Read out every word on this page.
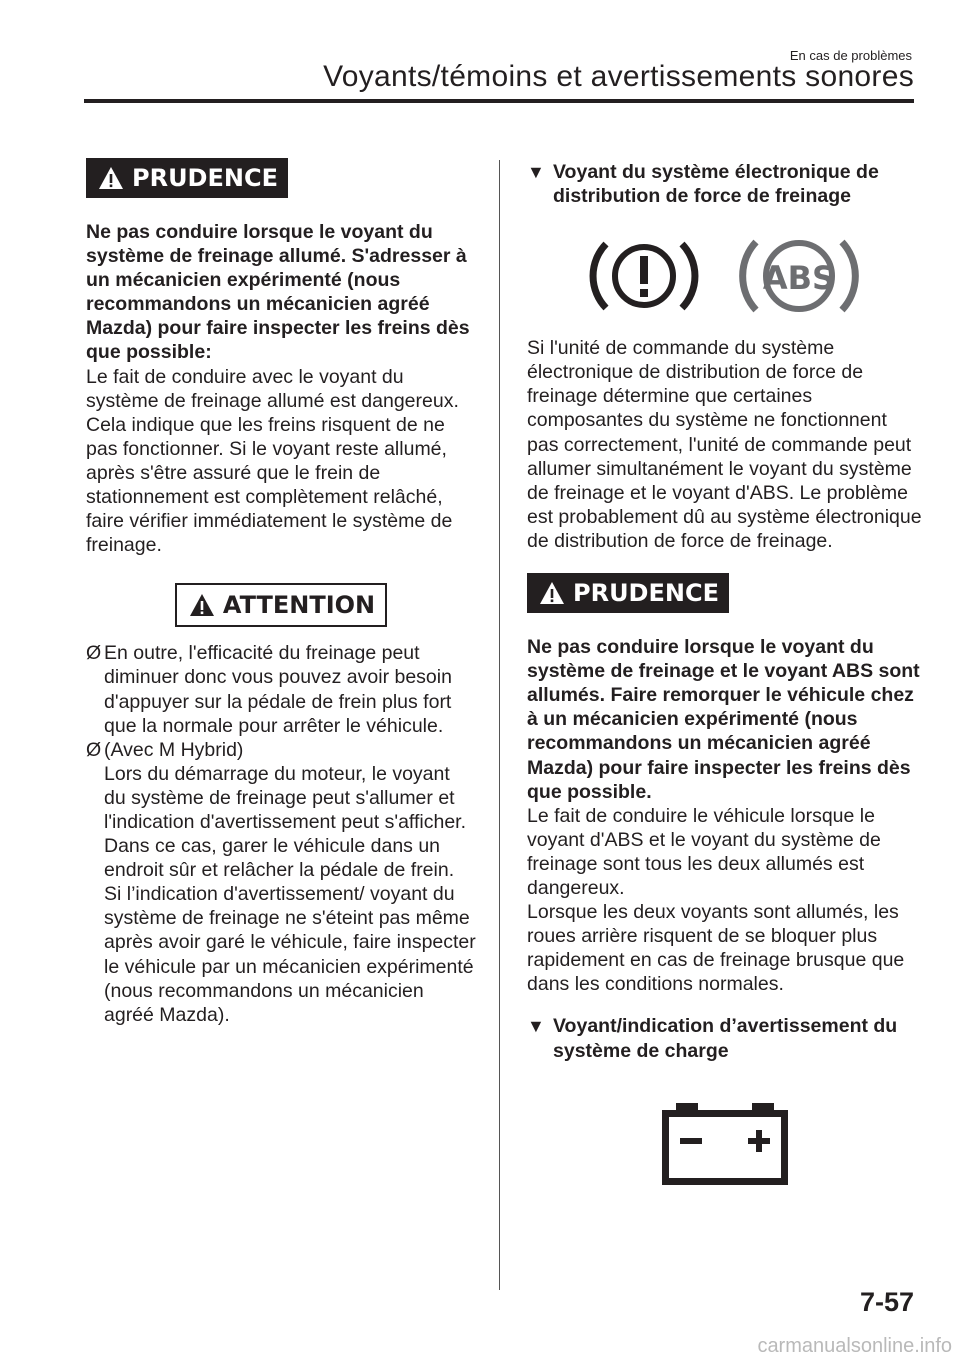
En cas de problèmes
Voyants/témoins et avertissements sonores
PRUDENCE

Ne pas conduire lorsque le voyant du système de freinage allumé. S'adresser à un mécanicien expérimenté (nous recommandons un mécanicien agréé Mazda) pour faire inspecter les freins dès que possible:

Le fait de conduire avec le voyant du système de freinage allumé est dangereux. Cela indique que les freins risquent de ne pas fonctionner. Si le voyant reste allumé, après s'être assuré que le frein de stationnement est complètement relâché, faire vérifier immédiatement le système de freinage.

ATTENTION
Ø En outre, l'efficacité du freinage peut diminuer donc vous pouvez avoir besoin d'appuyer sur la pédale de frein plus fort que la normale pour arrêter le véhicule.
Ø (Avec M Hybrid)
Lors du démarrage du moteur, le voyant du système de freinage peut s'allumer et l'indication d'avertissement peut s'afficher. Dans ce cas, garer le véhicule dans un endroit sûr et relâcher la pédale de frein.
Si l’indication d'avertissement/ voyant du système de freinage ne s'éteint pas même après avoir garé le véhicule, faire inspecter le véhicule par un mécanicien expérimenté (nous recommandons un mécanicien agréé Mazda).

▼ Voyant du système électronique de distribution de force de freinage

ABS

Si l'unité de commande du système électronique de distribution de force de freinage détermine que certaines composantes du système ne fonctionnent pas correctement, l'unité de commande peut allumer simultanément le voyant du système de freinage et le voyant d'ABS. Le problème est probablement dû au système électronique de distribution de force de freinage.

PRUDENCE

Ne pas conduire lorsque le voyant du système de freinage et le voyant ABS sont allumés. Faire remorquer le véhicule chez à un mécanicien expérimenté (nous recommandons un mécanicien agréé Mazda) pour faire inspecter les freins dès que possible.

Le fait de conduire le véhicule lorsque le voyant d'ABS et le voyant du système de freinage sont tous les deux allumés est dangereux.

Lorsque les deux voyants sont allumés, les roues arrière risquent de se bloquer plus rapidement en cas de freinage brusque que dans les conditions normales.

▼ Voyant/indication d’avertissement du système de charge

7-57
carmanualsonline.info
